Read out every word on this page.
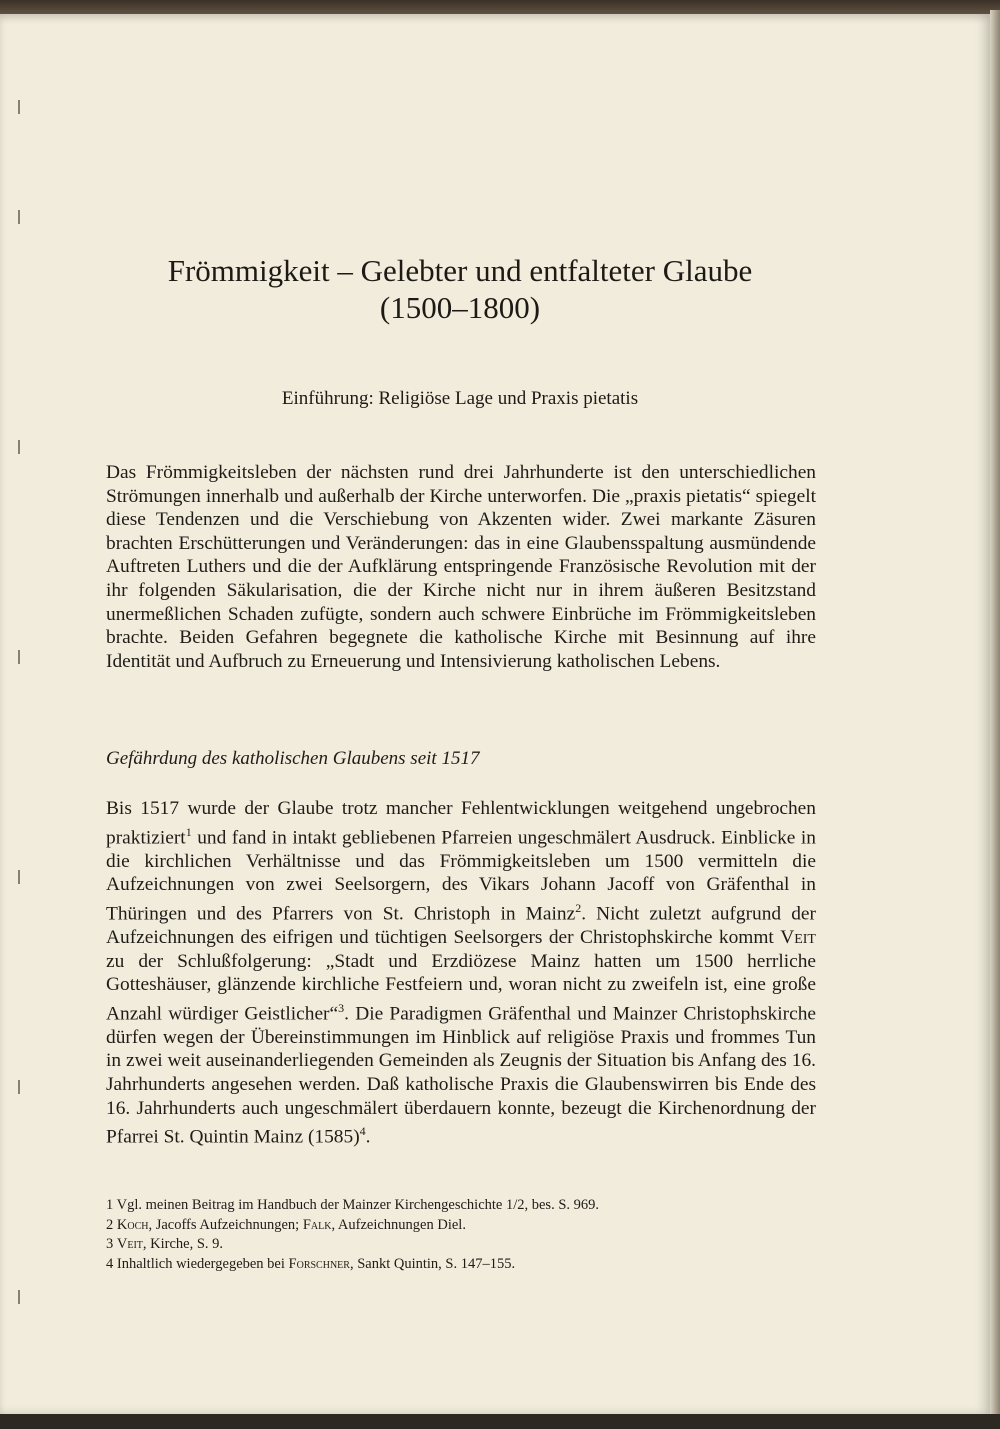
Frömmigkeit – Gelebter und entfalteter Glaube
(1500–1800)
Einführung: Religiöse Lage und Praxis pietatis
Das Frömmigkeitsleben der nächsten rund drei Jahrhunderte ist den unterschiedlichen Strömungen innerhalb und außerhalb der Kirche unterworfen. Die „praxis pietatis“ spiegelt diese Tendenzen und die Verschiebung von Akzenten wider. Zwei markante Zäsuren brachten Erschütterungen und Veränderungen: das in eine Glaubensspaltung ausmündende Auftreten Luthers und die der Aufklärung entspringende Französische Revolution mit der ihr folgenden Säkularisation, die der Kirche nicht nur in ihrem äußeren Besitzstand unermeßlichen Schaden zufügte, sondern auch schwere Einbrüche im Frömmigkeitsleben brachte. Beiden Gefahren begegnete die katholische Kirche mit Besinnung auf ihre Identität und Aufbruch zu Erneuerung und Intensivierung katholischen Lebens.
Gefährdung des katholischen Glaubens seit 1517
Bis 1517 wurde der Glaube trotz mancher Fehlentwicklungen weitgehend ungebrochen praktiziert$^1$ und fand in intakt gebliebenen Pfarreien ungeschmälert Ausdruck. Einblicke in die kirchlichen Verhältnisse und das Frömmigkeitsleben um 1500 vermitteln die Aufzeichnungen von zwei Seelsorgern, des Vikars Johann Jacoff von Gräfenthal in Thüringen und des Pfarrers von St. Christoph in Mainz$^2$. Nicht zuletzt aufgrund der Aufzeichnungen des eifrigen und tüchtigen Seelsorgers der Christophskirche kommt Veit zu der Schlußfolgerung: „Stadt und Erzdiözese Mainz hatten um 1500 herrliche Gotteshäuser, glänzende kirchliche Festfeiern und, woran nicht zu zweifeln ist, eine große Anzahl würdiger Geistlicher“$^3$. Die Paradigmen Gräfenthal und Mainzer Christophskirche dürfen wegen der Übereinstimmungen im Hinblick auf religiöse Praxis und frommes Tun in zwei weit auseinanderliegenden Gemeinden als Zeugnis der Situation bis Anfang des 16. Jahrhunderts angesehen werden. Daß katholische Praxis die Glaubenswirren bis Ende des 16. Jahrhunderts auch ungeschmälert überdauern konnte, bezeugt die Kirchenordnung der Pfarrei St. Quintin Mainz $(1585)^4$.
1 Vgl. meinen Beitrag im Handbuch der Mainzer Kirchengeschichte 1/2, bes. S. 969.
2 Koch, Jacoffs Aufzeichnungen; Falk, Aufzeichnungen Diel.
3 Veit, Kirche, S. 9.
4 Inhaltlich wiedergegeben bei Forschner, Sankt Quintin, S. 147–155.
